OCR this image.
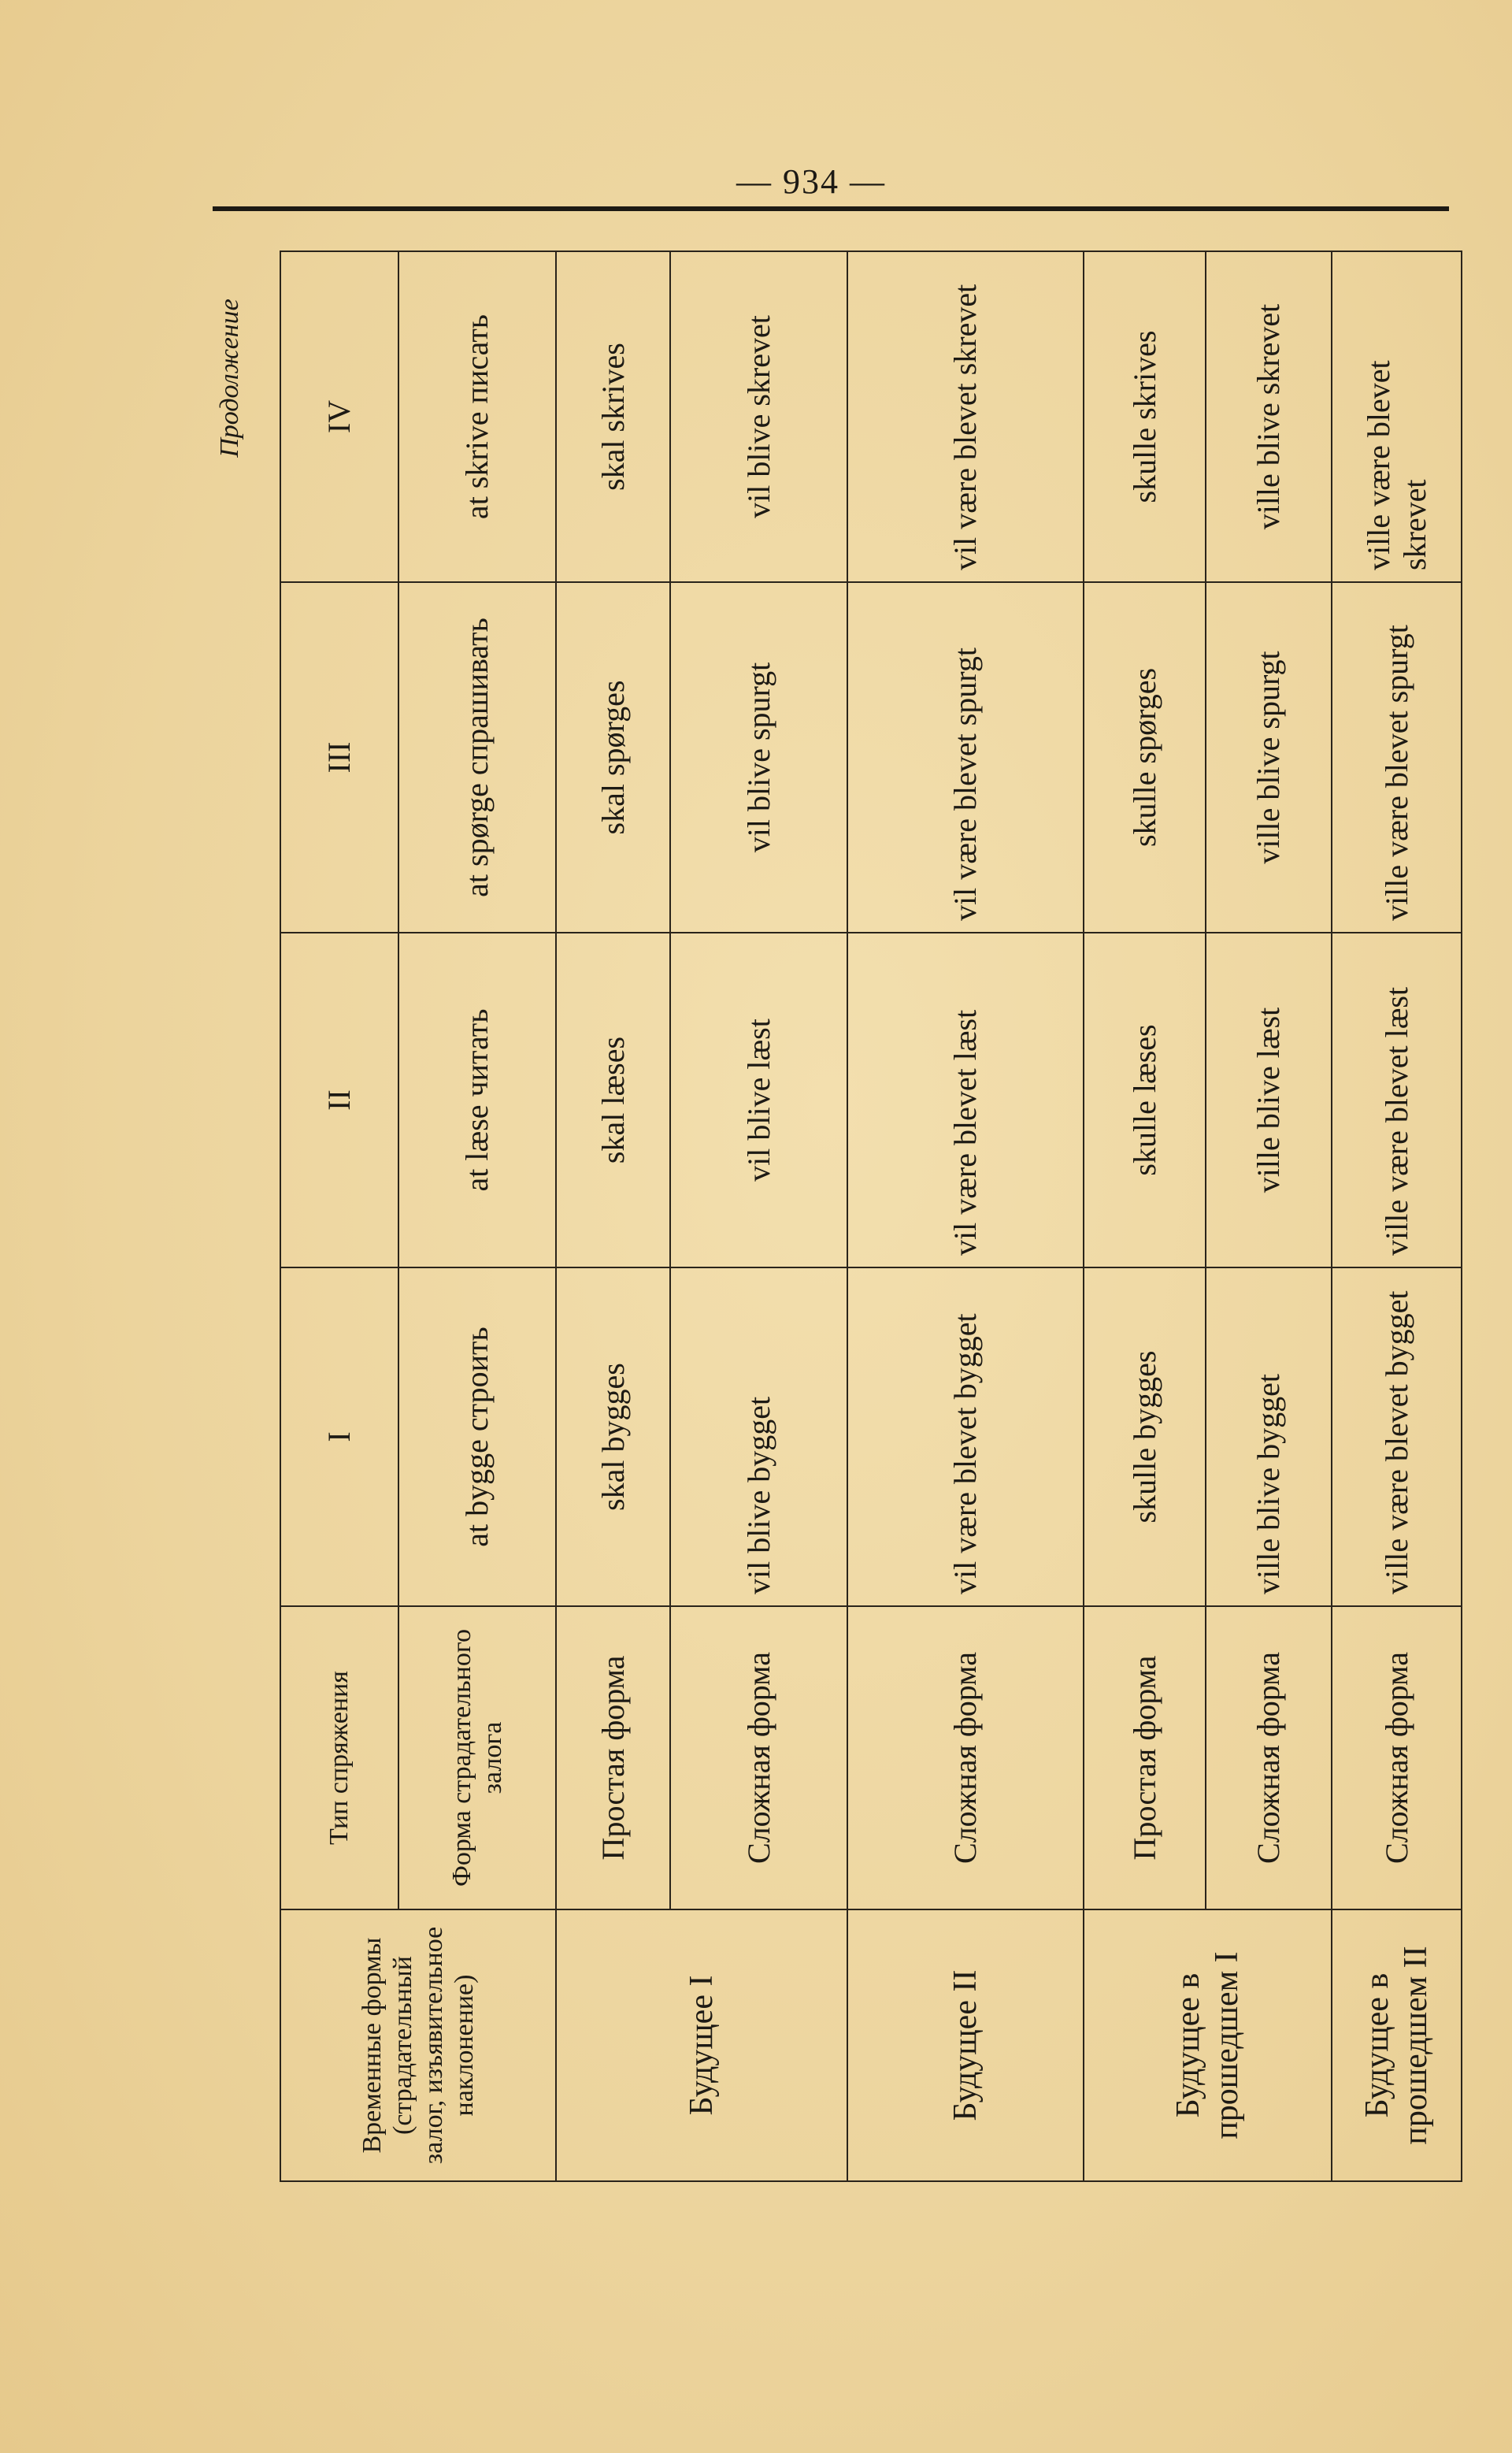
— 934 —
Продолжение
Временные формы (страдательный залог, изъявительное наклонение)	Тип спряжения	I	II	III	IV
	Форма страдательного залога	at bygge строить	at læse читать	at spørge спрашивать	at skrive писать
Будущее I	Простая форма	skal bygges	skal læses	skal spørges	skal skrives
	Сложная форма	vil blive bygget	vil blive læst	vil blive spurgt	vil blive skrevet
Будущее II	Сложная форма	vil være blevet bygget	vil være blevet læst	vil være blevet spurgt	vil være blevet skrevet
Будущее в прошедшем I	Простая форма	skulle bygges	skulle læses	skulle spørges	skulle skrives
	Сложная форма	ville blive bygget	ville blive læst	ville blive spurgt	ville blive skrevet
Будущее в прошедшем II	Сложная форма	ville være blevet bygget	ville være blevet læst	ville være blevet spurgt	ville være blevet skrevet
